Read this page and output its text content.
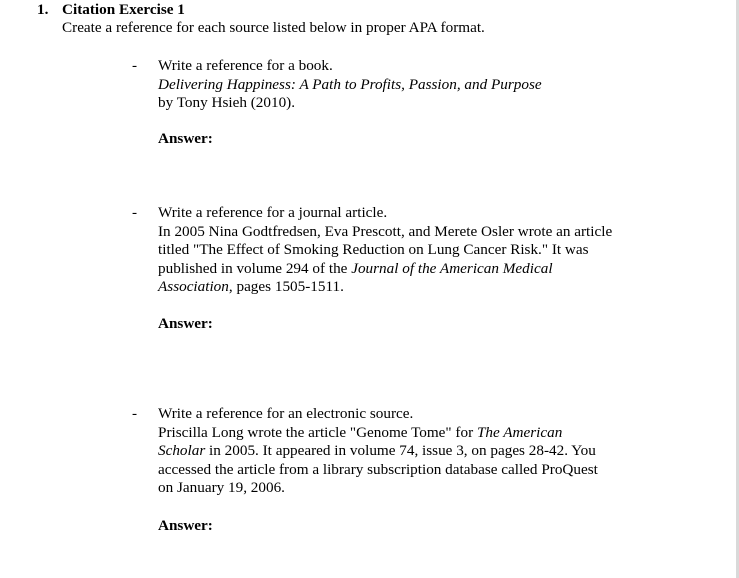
1. Citation Exercise 1
Create a reference for each source listed below in proper APA format.
- Write a reference for a book.
Delivering Happiness: A Path to Profits, Passion, and Purpose
by Tony Hsieh (2010).
Answer:
- Write a reference for a journal article.
In 2005 Nina Godtfredsen, Eva Prescott, and Merete Osler wrote an article
titled "The Effect of Smoking Reduction on Lung Cancer Risk." It was
published in volume 294 of the Journal of the American Medical
Association, pages 1505-1511.
Answer:
- Write a reference for an electronic source.
Priscilla Long wrote the article "Genome Tome" for The American
Scholar in 2005. It appeared in volume 74, issue 3, on pages 28-42. You
accessed the article from a library subscription database called ProQuest
on January 19, 2006.
Answer:
